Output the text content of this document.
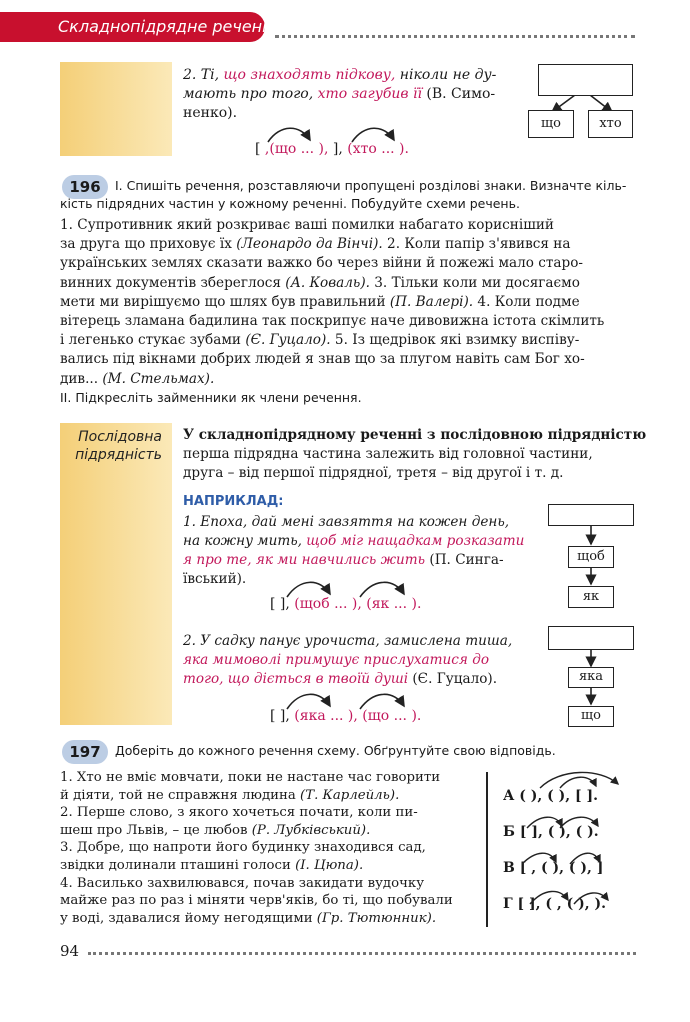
Складнопідрядне речення
2. Ті, що знаходять підкову, ніколи не ду-
мають про того, хто загубив її (В. Симо-
ненко).
[ ,(що ... ), ], (хто ... ).
що	хто
196	І. Спишіть речення, розставляючи пропущені розділові знаки. Визначте кіль-
кість підрядних частин у кожному реченні. Побудуйте схеми речень.
1. Супротивник який розкриває ваші помилки набагато корисніший
за друга що приховує їх (Леонардо да Вінчі). 2. Коли папір з'явився на
українських землях сказати важко бо через війни й пожежі мало старо-
винних документів збереглося (А. Коваль). 3. Тільки коли ми досягаємо
мети ми вирішуємо що шлях був правильний (П. Валері). 4. Коли подме
вітерець зламана бадилина так поскрипує наче дивовижна істота скімлить
і легенько стукає зубами (Є. Гуцало). 5. Із щедрівок які взимку виспіву-
вались під вікнами добрих людей я знав що за плугом навіть сам Бог хо-
див... (М. Стельмах).
ІІ. Підкресліть займенники як члени речення.
Послідовна
підрядність
У складнопідрядному реченні з послідовною підрядністю
перша підрядна частина залежить від головної частини,
друга – від першої підрядної, третя – від другої і т. д.
НАПРИКЛАД:
1. Епоха, дай мені завзяття на кожен день,
на кожну мить, щоб міг нащадкам розказати
я про те, як ми навчились жить (П. Синга-
ївський).
[ ], (щоб ... ), (як ... ).
2. У садку панує урочиста, замислена тиша,
яка мимоволі примушує прислухатися до
того, що діється в твоїй душі (Є. Гуцало).
[ ], (яка ... ), (що ... ).
щоб
як
яка
що
197	Доберіть до кожного речення схему. Обґрунтуйте свою відповідь.
1. Хто не вміє мовчати, поки не настане час говорити
й діяти, той не справжня людина (Т. Карлейль).
2. Перше слово, з якого хочеться почати, коли пи-
шеш про Львів, – це любов (Р. Лубківський).
3. Добре, що напроти його будинку знаходився сад,
звідки долинали пташині голоси (І. Цюпа).
4. Василько захвилювався, почав закидати вудочку
майже раз по раз і міняти черв'яків, бо ті, що побували
у воді, здавалися йому негодящими (Гр. Тютюнник).
А ( ), ( ), [ ].
Б [ ], ( ), ( ).
В [ , ( ), ( ), ]
Г [ ], ( , ( ), ).
94
